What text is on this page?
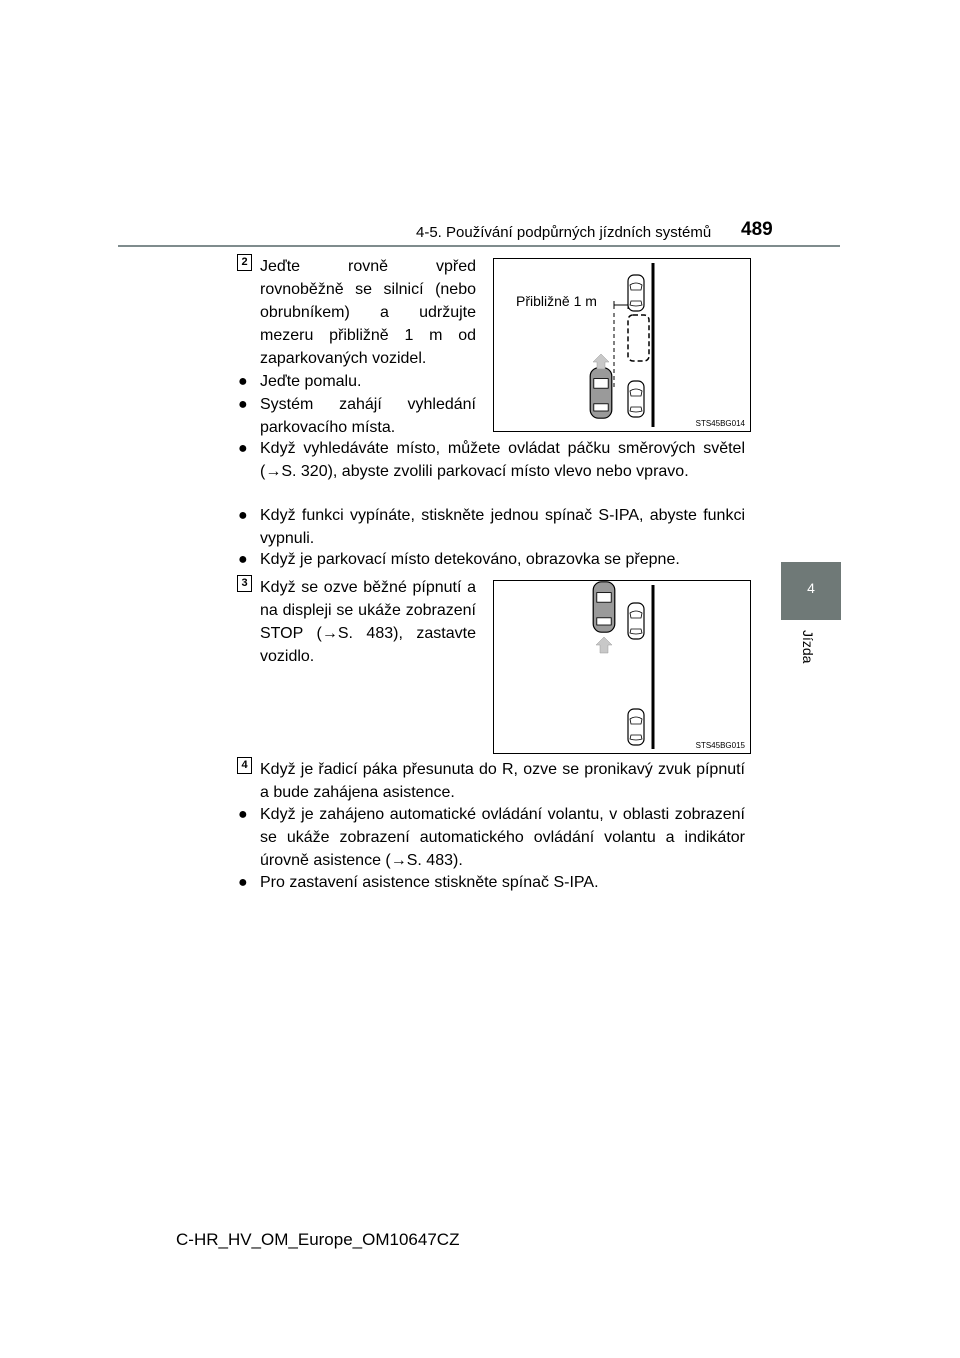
4-5. Používání podpůrných jízdních systémů 489
4
Jízda
2 Jeďte rovně vpřed rovnoběžně se silnicí (nebo obrubníkem) a udržujte mezeru přibližně 1 m od zaparkovaných vozidel.
● Jeďte pomalu.
● Systém zahájí vyhledání parkovacího místa.
● Když vyhledáváte místo, můžete ovládat páčku směrových světel (→S. 320), abyste zvolili parkovací místo vlevo nebo vpravo.
● Když funkci vypínáte, stiskněte jednou spínač S-IPA, abyste funkci vypnuli.
● Když je parkovací místo detekováno, obrazovka se přepne.
Přibližně 1 m
STS45BG014
3 Když se ozve běžné pípnutí a na displeji se ukáže zobrazení STOP (→S. 483), zastavte vozidlo.
STS45BG015
4 Když je řadicí páka přesunuta do R, ozve se pronikavý zvuk pípnutí a bude zahájena asistence.
● Když je zahájeno automatické ovládání volantu, v oblasti zobrazení se ukáže zobrazení automatického ovládání volantu a indikátor úrovně asistence (→S. 483).
● Pro zastavení asistence stiskněte spínač S-IPA.
C-HR_HV_OM_Europe_OM10647CZ
